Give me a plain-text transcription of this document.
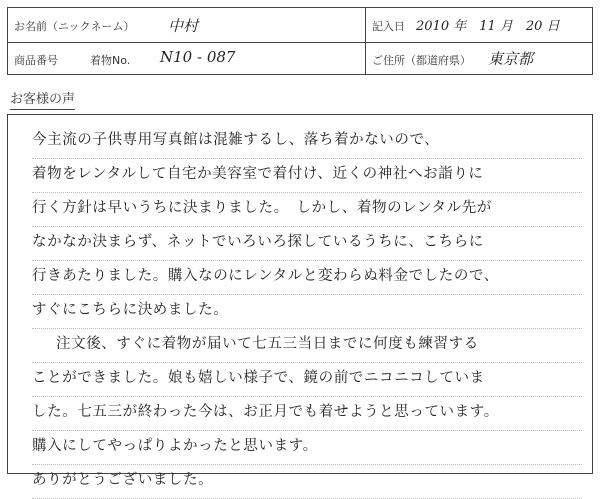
お名前（ニックネーム） 中村	記入日 2010 年　11 月　20 日
商品番号	着物No. N10 - 087	ご住所（都道府県） 東京都
お客様の声
今主流の子供専用写真館は混雑するし、落ち着かないので、
着物をレンタルして自宅か美容室で着付け、近くの神社へお詣りに
行く方針は早いうちに決まりました。　しかし、着物のレンタル先が
なかなか決まらず、ネットでいろいろ探しているうちに、こちらに
行きあたりました。購入なのにレンタルと変わらぬ料金でしたので、
すぐにこちらに決めました。
注文後、すぐに着物が届いて七五三当日までに何度も練習する
ことができました。娘も嬉しい様子で、鏡の前でニコニコしていま
した。七五三が終わった今は、お正月でも着せようと思っています。
購入にしてやっぱりよかったと思います。
ありがとうございました。
